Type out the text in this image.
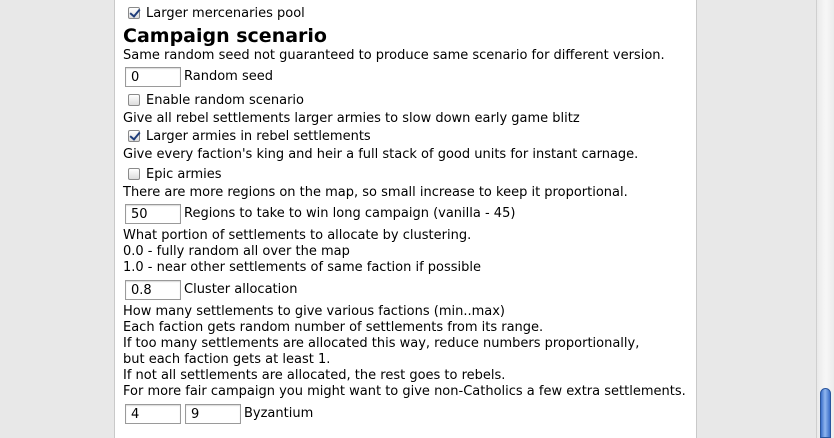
Larger mercenaries pool
Campaign scenario
Same random seed not guaranteed to produce same scenario for different version.
0	Random seed
Enable random scenario
Give all rebel settlements larger armies to slow down early game blitz
Larger armies in rebel settlements
Give every faction's king and heir a full stack of good units for instant carnage.
Epic armies
There are more regions on the map, so small increase to keep it proportional.
50	Regions to take to win long campaign (vanilla - 45)
What portion of settlements to allocate by clustering.
0.0 - fully random all over the map
1.0 - near other settlements of same faction if possible
0.8 Cluster allocation
How many settlements to give various factions (min..max)
Each faction gets random number of settlements from its range.
If too many settlements are allocated this way, reduce numbers proportionally,
but each faction gets at least 1.
If not all settlements are allocated, the rest goes to rebels.
For more fair campaign you might want to give non-Catholics a few extra settlements.
4	9	Byzantium
